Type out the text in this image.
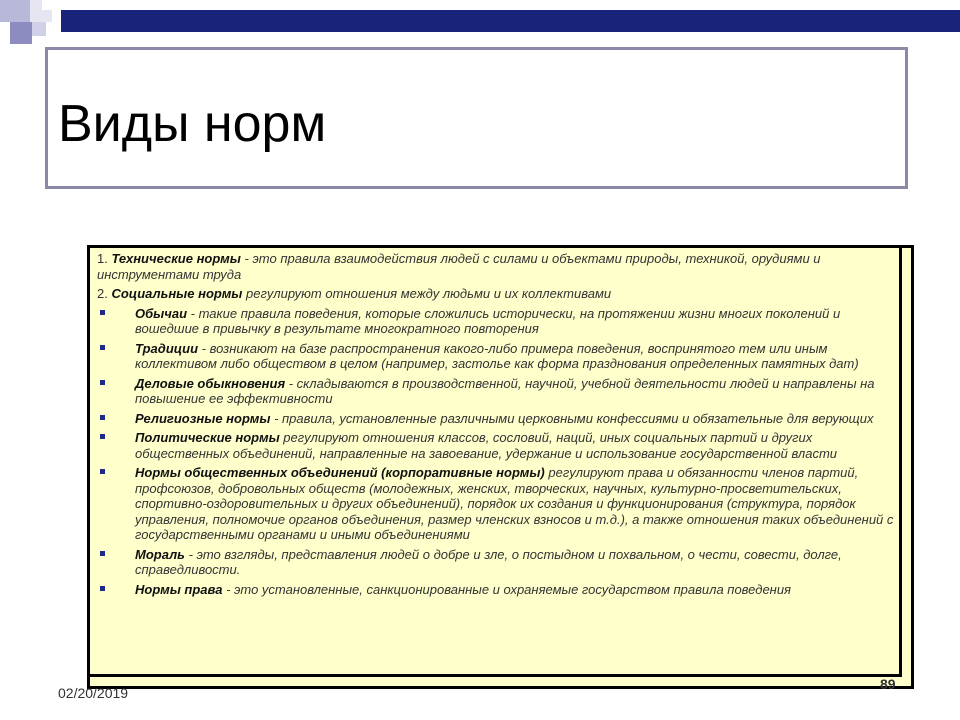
Виды норм

1. Технические нормы - это правила взаимодействия людей с силами и объектами природы, техникой, орудиями и инструментами труда

2. Социальные нормы регулируют отношения между людьми и их коллективами

Обычаи - такие правила поведения, которые сложились исторически, на протяжении жизни многих поколений и вошедшие в привычку в результате многократного повторения
Традиции - возникают на базе распространения какого-либо примера поведения, воспринятого тем или иным коллективом либо обществом в целом (например, застолье как форма празднования определенных памятных дат)
Деловые обыкновения - складываются в производственной, научной, учебной деятельности людей и направлены на повышение ее эффективности
Религиозные нормы - правила, установленные различными церковными конфессиями и обязательные для верующих
Политические нормы регулируют отношения классов, сословий, наций, иных социальных партий и других общественных объединений, направленные на завоевание, удержание и использование государственной власти
Нормы общественных объединений (корпоративные нормы) регулируют права и обязанности членов партий, профсоюзов, добровольных обществ (молодежных, женских, творческих, научных, культурно-просветительских, спортивно-оздоровительных и других объединений), порядок их создания и функционирования (структура, порядок управления, полномочие органов объединения, размер членских взносов и т.д.), а также отношения таких объединений с государственными органами и иными объединениями
Мораль - это взгляды, представления людей о добре и зле, о постыдном и похвальном, о чести, совести, долге, справедливости.
Нормы права - это установленные, санкционированные и охраняемые государством правила поведения
02/20/2019
89
